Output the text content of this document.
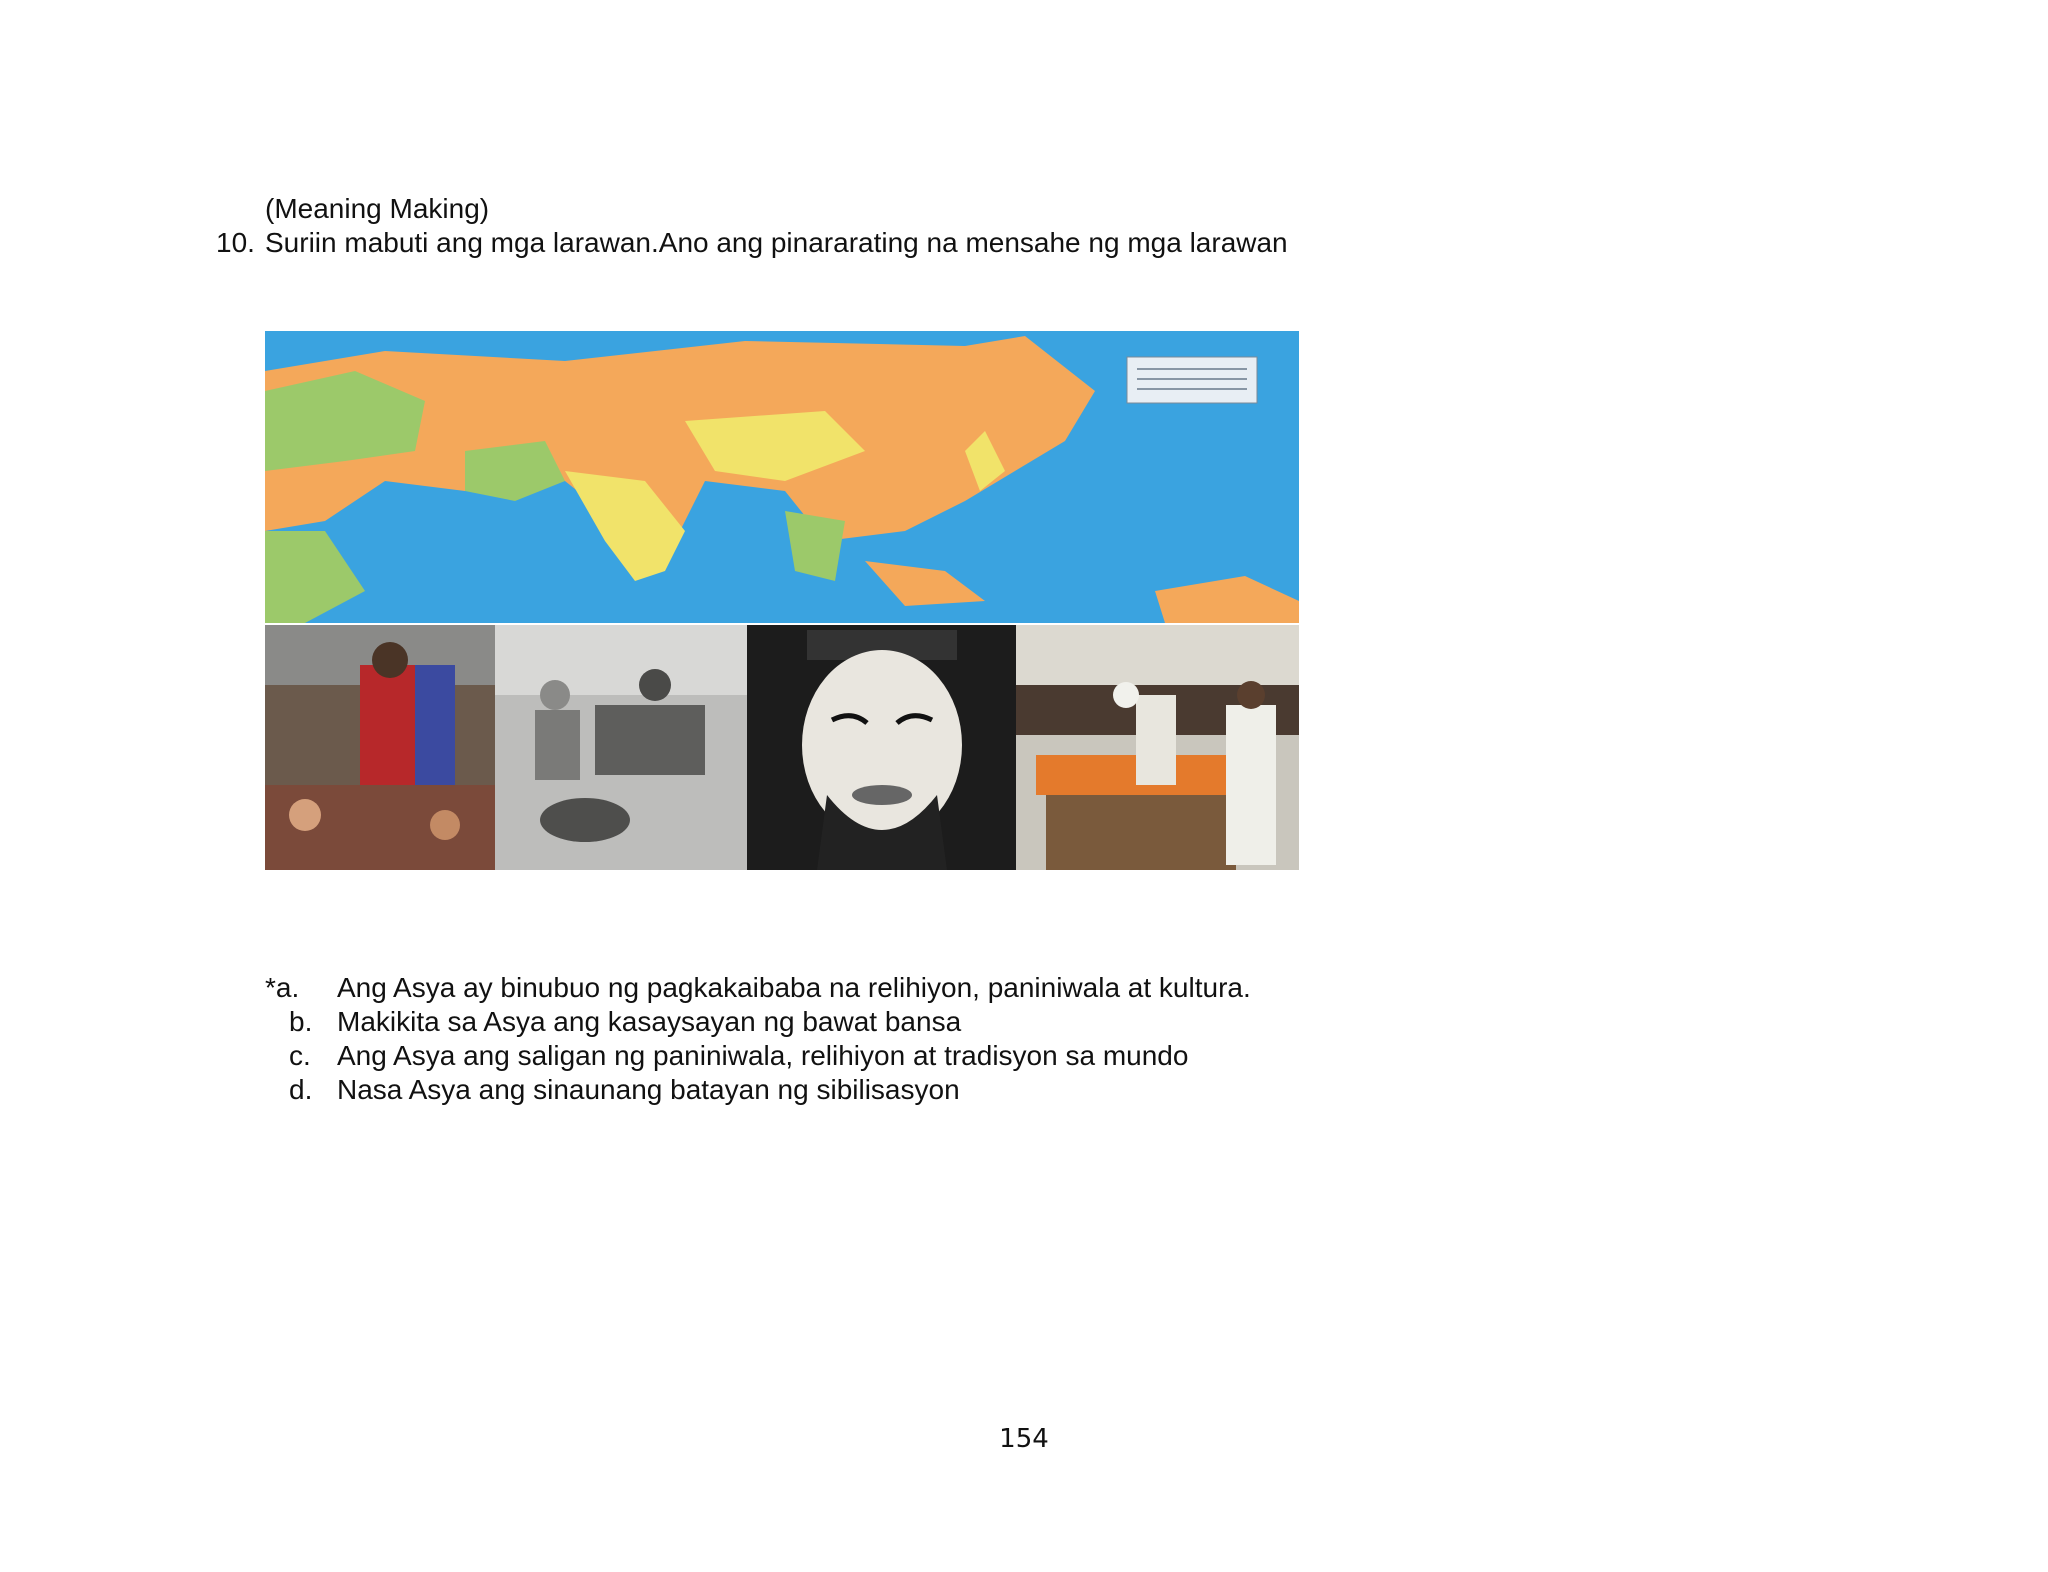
(Meaning Making)
10. Suriin mabuti ang mga larawan.Ano ang pinararating na mensahe ng mga larawan
*a. Ang Asya ay binubuo ng pagkakaibaba na relihiyon, paniniwala at kultura.
b. Makikita sa Asya ang kasaysayan ng bawat bansa
c. Ang Asya ang saligan ng paniniwala, relihiyon at tradisyon sa mundo
d. Nasa Asya ang sinaunang batayan ng sibilisasyon
154
